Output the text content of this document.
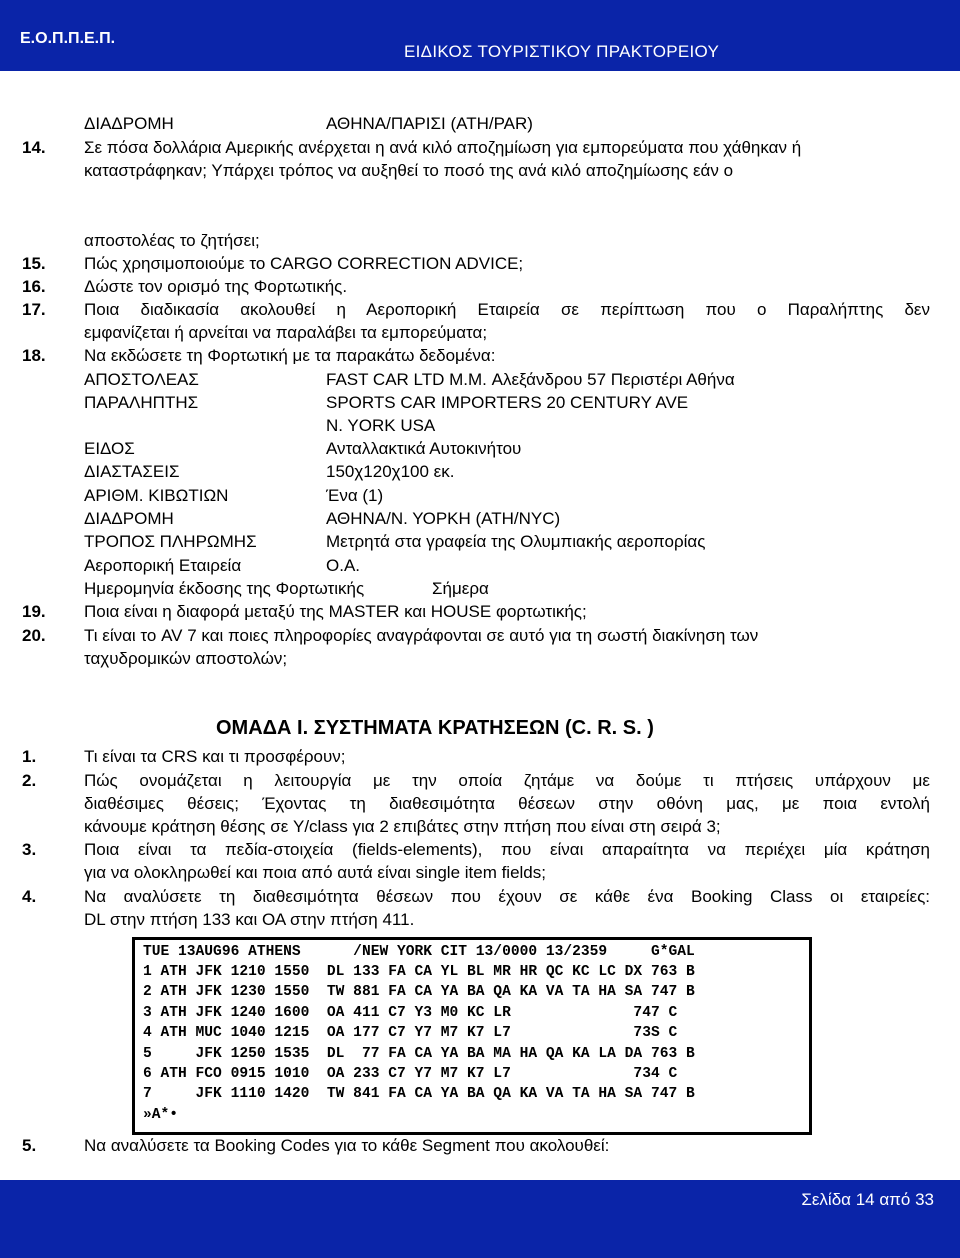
Ε.Ο.Π.Π.Ε.Π.
ΕΙΔΙΚΟΣ ΤΟΥΡΙΣΤΙΚΟΥ ΠΡΑΚΤΟΡΕΙΟΥ
ΔΙΑΔΡΟΜΗ	ΑΘΗΝΑ/ΠΑΡΙΣΙ (ATH/PAR)
14. Σε πόσα δολλάρια Αμερικής ανέρχεται η ανά κιλό αποζημίωση για εμπορεύματα που χάθηκαν ή
καταστράφηκαν; Υπάρχει τρόπος να αυξηθεί το ποσό της ανά κιλό αποζημίωσης εάν ο
αποστολέας το ζητήσει;
15. Πώς χρησιμοποιούμε το CARGO CORRECTION ADVICE;
16. Δώστε τον ορισμό της Φορτωτικής.
17. Ποια διαδικασία ακολουθεί η Αεροπορική Εταιρεία σε περίπτωση που ο Παραλήπτης δεν
εμφανίζεται ή αρνείται να παραλάβει τα εμπορεύματα;
18. Να εκδώσετε τη Φορτωτική με τα παρακάτω δεδομένα:
ΑΠΟΣΤΟΛΕΑΣ	FAST CAR LTD M.M. Αλεξάνδρου 57 Περιστέρι Αθήνα
ΠΑΡΑΛΗΠΤΗΣ	SPORTS CAR IMPORTERS 20 CENTURY AVE
N. YORK USA
ΕΙΔΟΣ	Ανταλλακτικά Αυτοκινήτου
ΔΙΑΣΤΑΣΕΙΣ	150χ120χ100 εκ.
ΑΡΙΘΜ. ΚΙΒΩΤΙΩΝ	Ένα (1)
ΔΙΑΔΡΟΜΗ	ΑΘΗΝΑ/Ν. ΥΟΡΚΗ (ATH/NYC)
ΤΡΟΠΟΣ ΠΛΗΡΩΜΗΣ	Μετρητά στα γραφεία της Ολυμπιακής αεροπορίας
Αεροπορική Εταιρεία	Ο.Α.
Ημερομηνία έκδοσης της Φορτωτικής	Σήμερα
19. Ποια είναι η διαφορά μεταξύ της MASTER και HOUSE φορτωτικής;
20. Τι είναι το AV 7 και ποιες πληροφορίες αναγράφονται σε αυτό για τη σωστή διακίνηση των
ταχυδρομικών αποστολών;
ΟΜΑΔΑ Ι. ΣΥΣΤΗΜΑΤΑ ΚΡΑΤΗΣΕΩΝ (C. R. S. )
1.	Τι είναι τα CRS και τι προσφέρουν;
2.	Πώς ονομάζεται η λειτουργία με την οποία ζητάμε να δούμε τι πτήσεις υπάρχουν με
διαθέσιμες θέσεις; Έχοντας τη διαθεσιμότητα θέσεων στην οθόνη μας, με ποια εντολή
κάνουμε κράτηση θέσης σε Y/class για 2 επιβάτες στην πτήση που είναι στη σειρά 3;
3.	Ποια είναι τα πεδία-στοιχεία (fields-elements), που είναι απαραίτητα να περιέχει μία κράτηση
για να ολοκληρωθεί και ποια από αυτά είναι single item fields;
4.	Να αναλύσετε τη διαθεσιμότητα θέσεων που έχουν σε κάθε ένα Booking Class οι εταιρείες:
DL στην πτήση 133 και ΟΑ στην πτήση 411.
TUE 13AUG96 ATHENS      /NEW YORK CIT 13/0000 13/2359     G*GAL
1 ATH JFK 1210 1550  DL 133 FA CA YL BL MR HR QC KC LC DX 763 B
2 ATH JFK 1230 1550  TW 881 FA CA YA BA QA KA VA TA HA SA 747 B
3 ATH JFK 1240 1600  OA 411 C7 Y3 M0 KC LR              747 C
4 ATH MUC 1040 1215  OA 177 C7 Y7 M7 K7 L7              73S C
5     JFK 1250 1535  DL  77 FA CA YA BA MA HA QA KA LA DA 763 B
6 ATH FCO 0915 1010  OA 233 C7 Y7 M7 K7 L7              734 C
7     JFK 1110 1420  TW 841 FA CA YA BA QA KA VA TA HA SA 747 B
»A*•
5.	Να αναλύσετε τα Booking Codes για το κάθε Segment που ακολουθεί:
Σελίδα 14 από 33
